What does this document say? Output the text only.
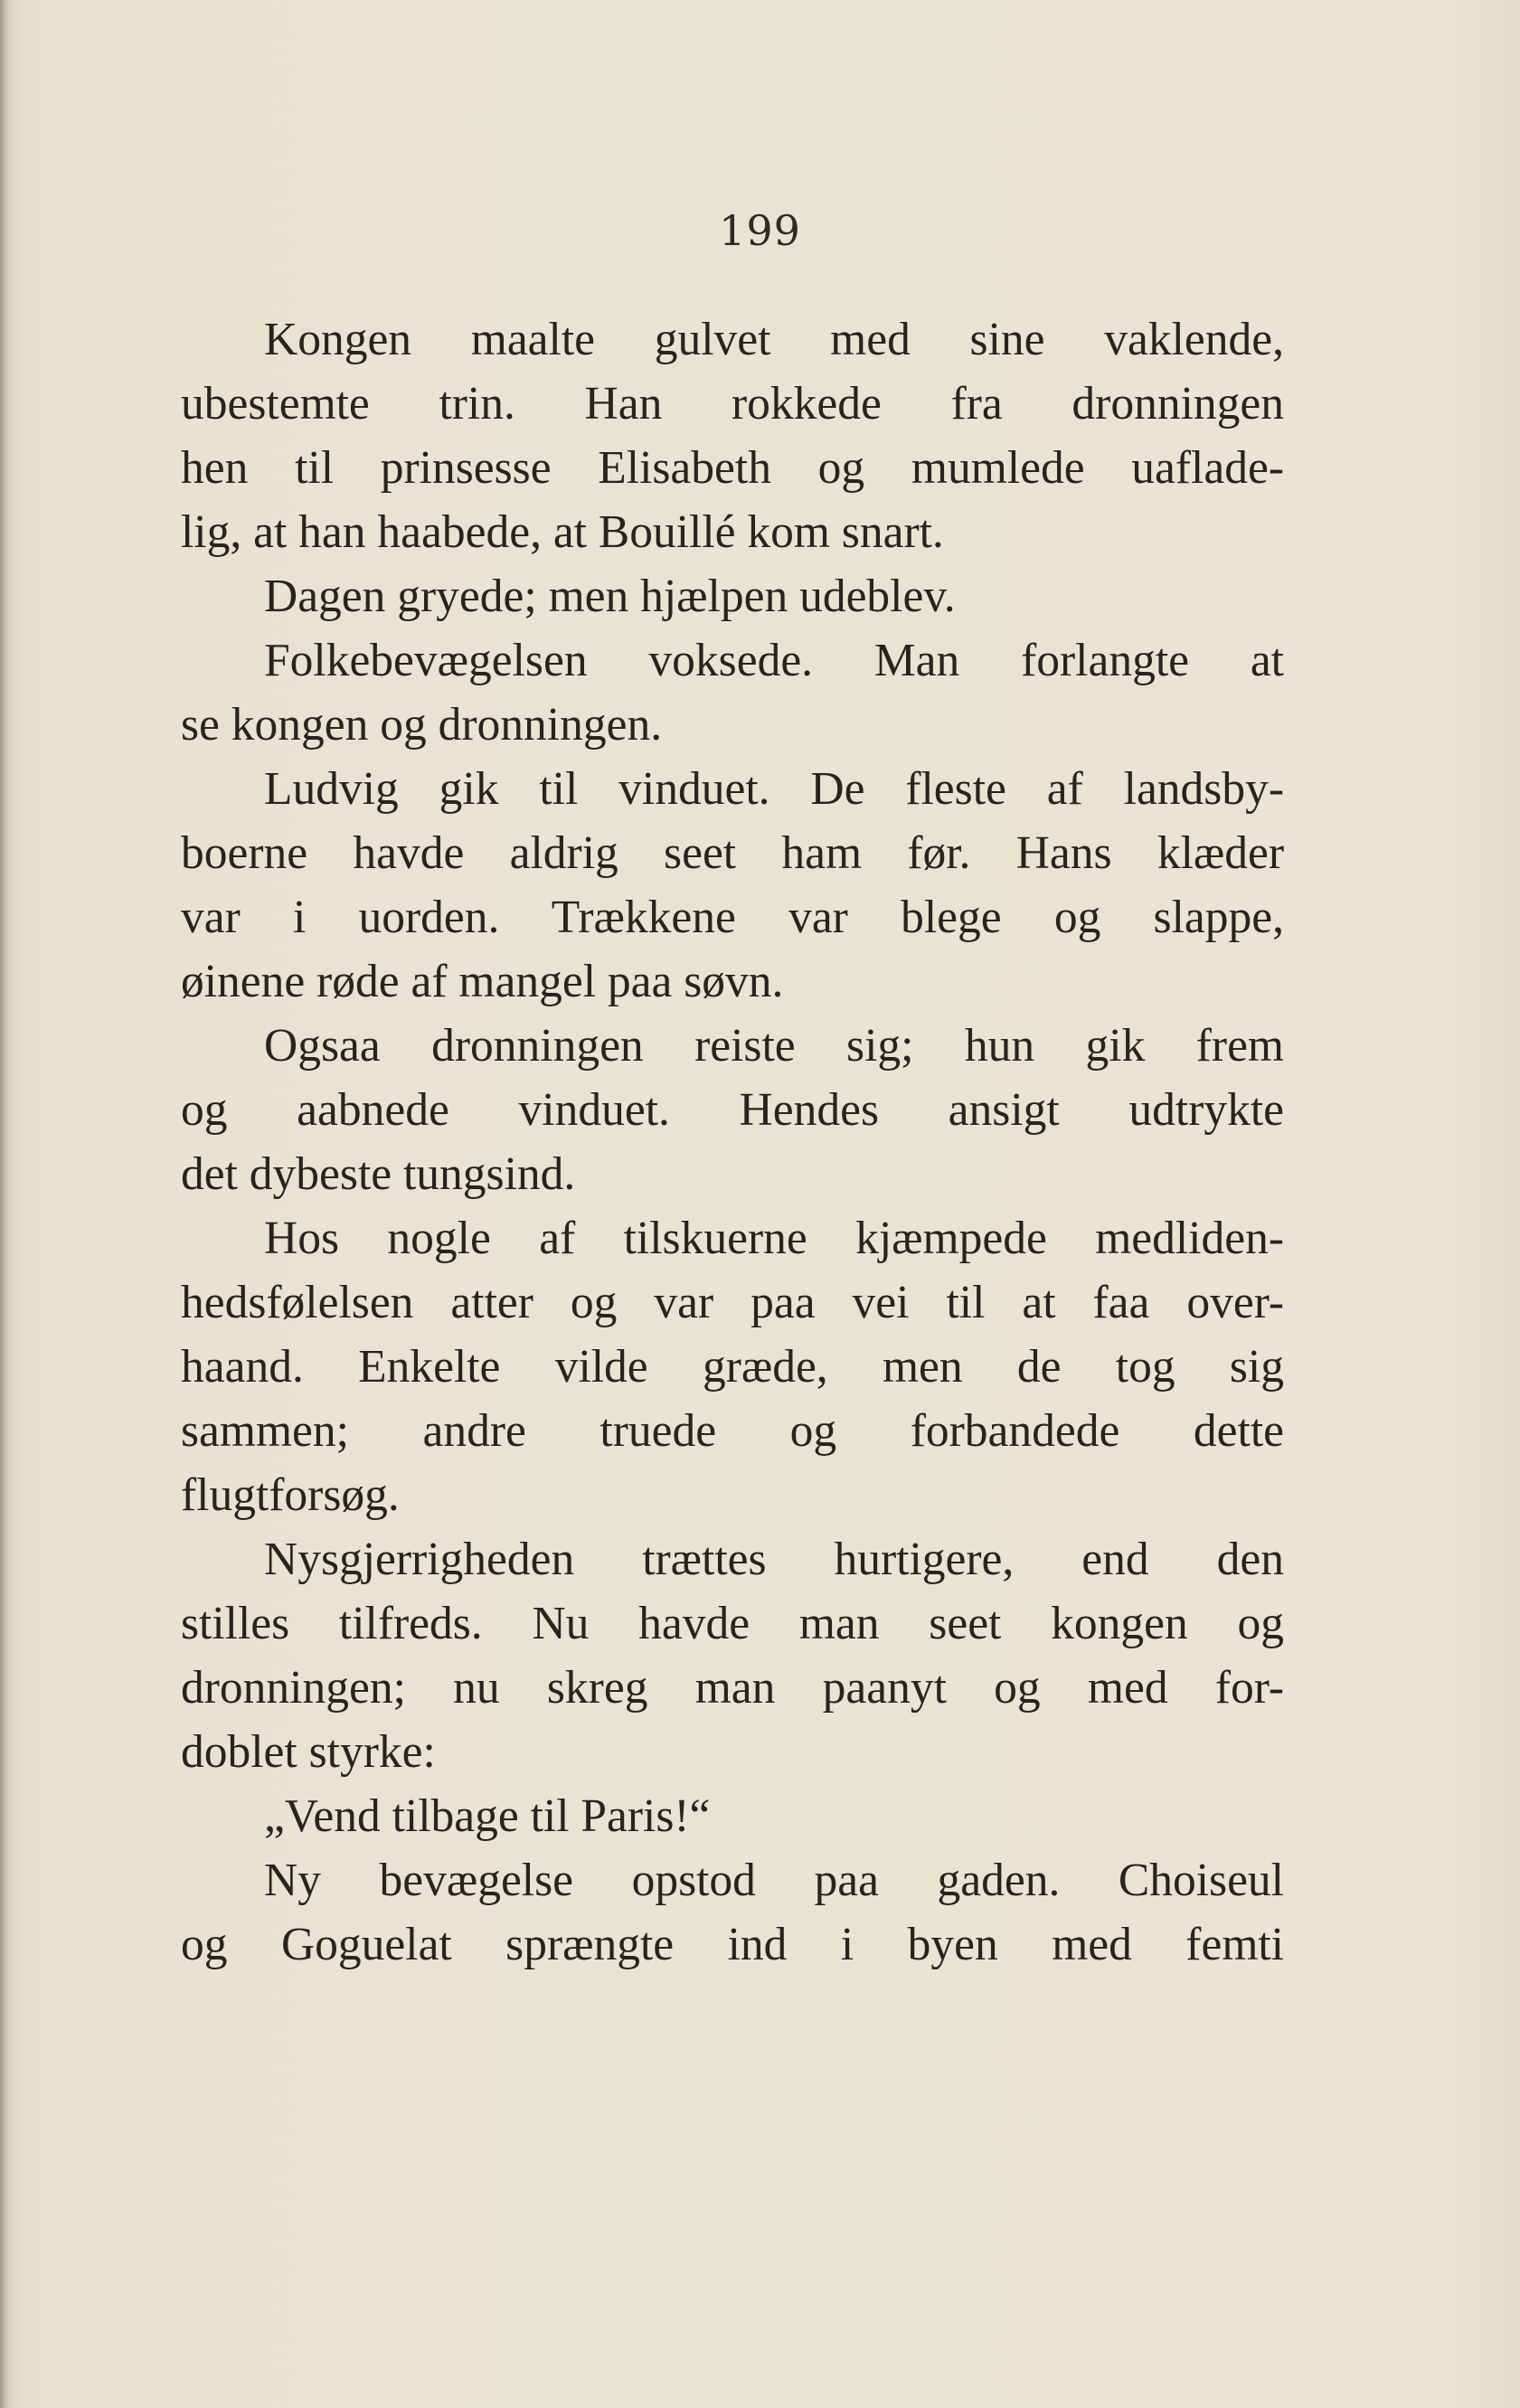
199
Kongen maalte gulvet med sine vaklende,
ubestemte trin. Han rokkede fra dronningen
hen til prinsesse Elisabeth og mumlede uaflade-
lig, at han haabede, at Bouillé kom snart.
Dagen gryede; men hjælpen udeblev.
Folkebevægelsen voksede. Man forlangte at
se kongen og dronningen.
Ludvig gik til vinduet. De fleste af landsby-
boerne havde aldrig seet ham før. Hans klæder
var i uorden. Trækkene var blege og slappe,
øinene røde af mangel paa søvn.
Ogsaa dronningen reiste sig; hun gik frem
og aabnede vinduet. Hendes ansigt udtrykte
det dybeste tungsind.
Hos nogle af tilskuerne kjæmpede medliden-
hedsfølelsen atter og var paa vei til at faa over-
haand. Enkelte vilde græde, men de tog sig
sammen; andre truede og forbandede dette
flugtforsøg.
Nysgjerrigheden trættes hurtigere, end den
stilles tilfreds. Nu havde man seet kongen og
dronningen; nu skreg man paanyt og med for-
doblet styrke:
„Vend tilbage til Paris!“
Ny bevægelse opstod paa gaden. Choiseul
og Goguelat sprængte ind i byen med femti
